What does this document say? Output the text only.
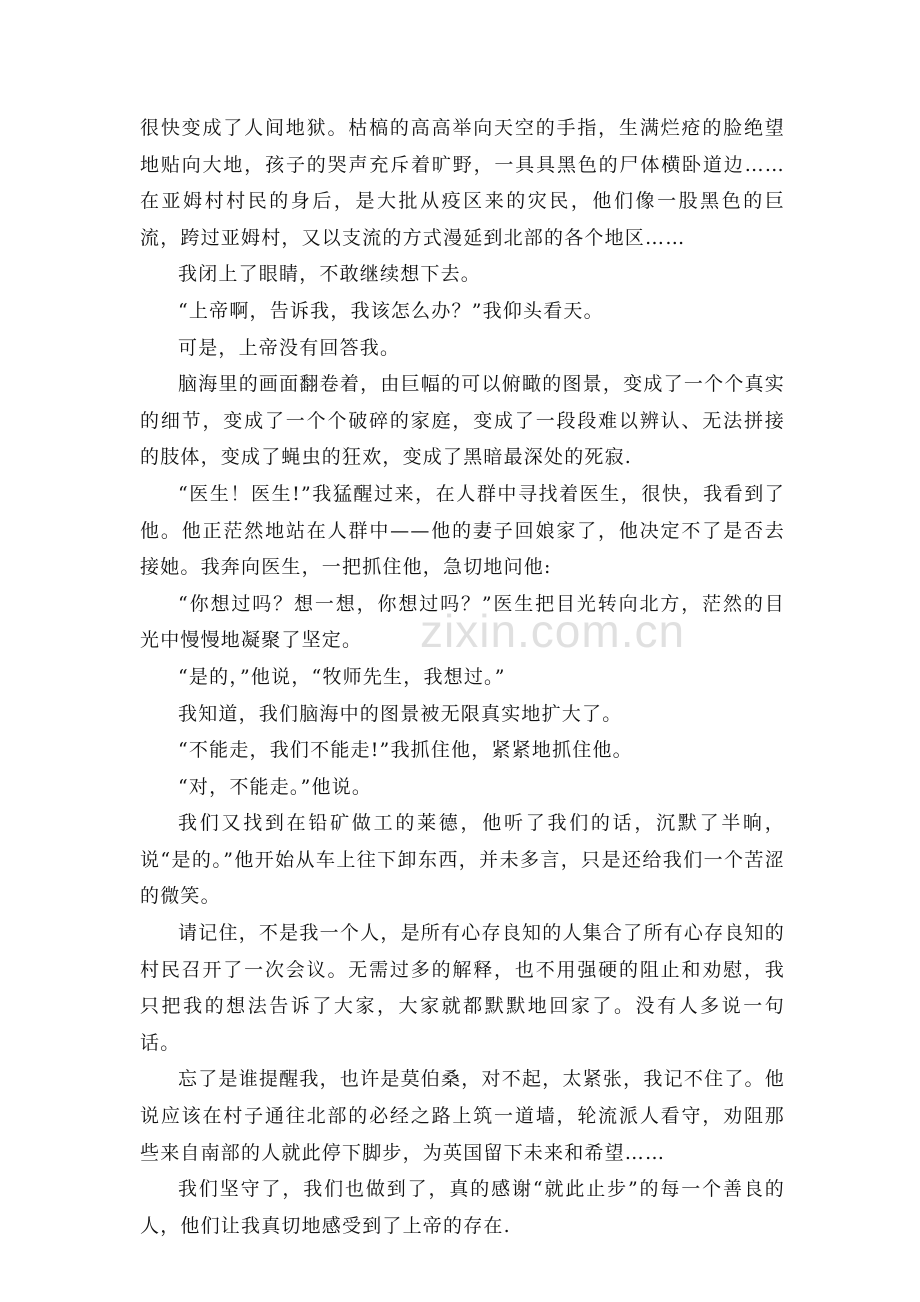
很快变成了人间地狱。枯槁的高高举向天空的手指，生满烂疮的脸绝望地贴向大地，孩子的哭声充斥着旷野，一具具黑色的尸体横卧道边……在亚姆村村民的身后，是大批从疫区来的灾民，他们像一股黑色的巨流，跨过亚姆村，又以支流的方式漫延到北部的各个地区……

我闭上了眼睛，不敢继续想下去。

“上帝啊，告诉我，我该怎么办？”我仰头看天。

可是，上帝没有回答我。

脑海里的画面翻卷着，由巨幅的可以俯瞰的图景，变成了一个个真实的细节，变成了一个个破碎的家庭，变成了一段段难以辨认、无法拼接的肢体，变成了蝇虫的狂欢，变成了黑暗最深处的死寂.

“医生！医生!”我猛醒过来，在人群中寻找着医生，很快，我看到了他。他正茫然地站在人群中——他的妻子回娘家了，他决定不了是否去接她。我奔向医生，一把抓住他，急切地问他:

“你想过吗？想一想，你想过吗？”医生把目光转向北方，茫然的目光中慢慢地凝聚了坚定。

“是的，”他说，“牧师先生，我想过。”

我知道，我们脑海中的图景被无限真实地扩大了。

“不能走，我们不能走!”我抓住他，紧紧地抓住他。

“对，不能走。”他说。

我们又找到在铅矿做工的莱德，他听了我们的话，沉默了半晌，说“是的。”他开始从车上往下卸东西，并未多言，只是还给我们一个苦涩的微笑。

请记住，不是我一个人，是所有心存良知的人集合了所有心存良知的村民召开了一次会议。无需过多的解释，也不用强硬的阻止和劝慰，我只把我的想法告诉了大家，大家就都默默地回家了。没有人多说一句话。

忘了是谁提醒我，也许是莫伯桑，对不起，太紧张，我记不住了。他说应该在村子通往北部的必经之路上筑一道墙，轮流派人看守，劝阻那些来自南部的人就此停下脚步，为英国留下未来和希望……

我们坚守了，我们也做到了，真的感谢“就此止步”的每一个善良的人，他们让我真切地感受到了上帝的存在.

zixin.com.cn
